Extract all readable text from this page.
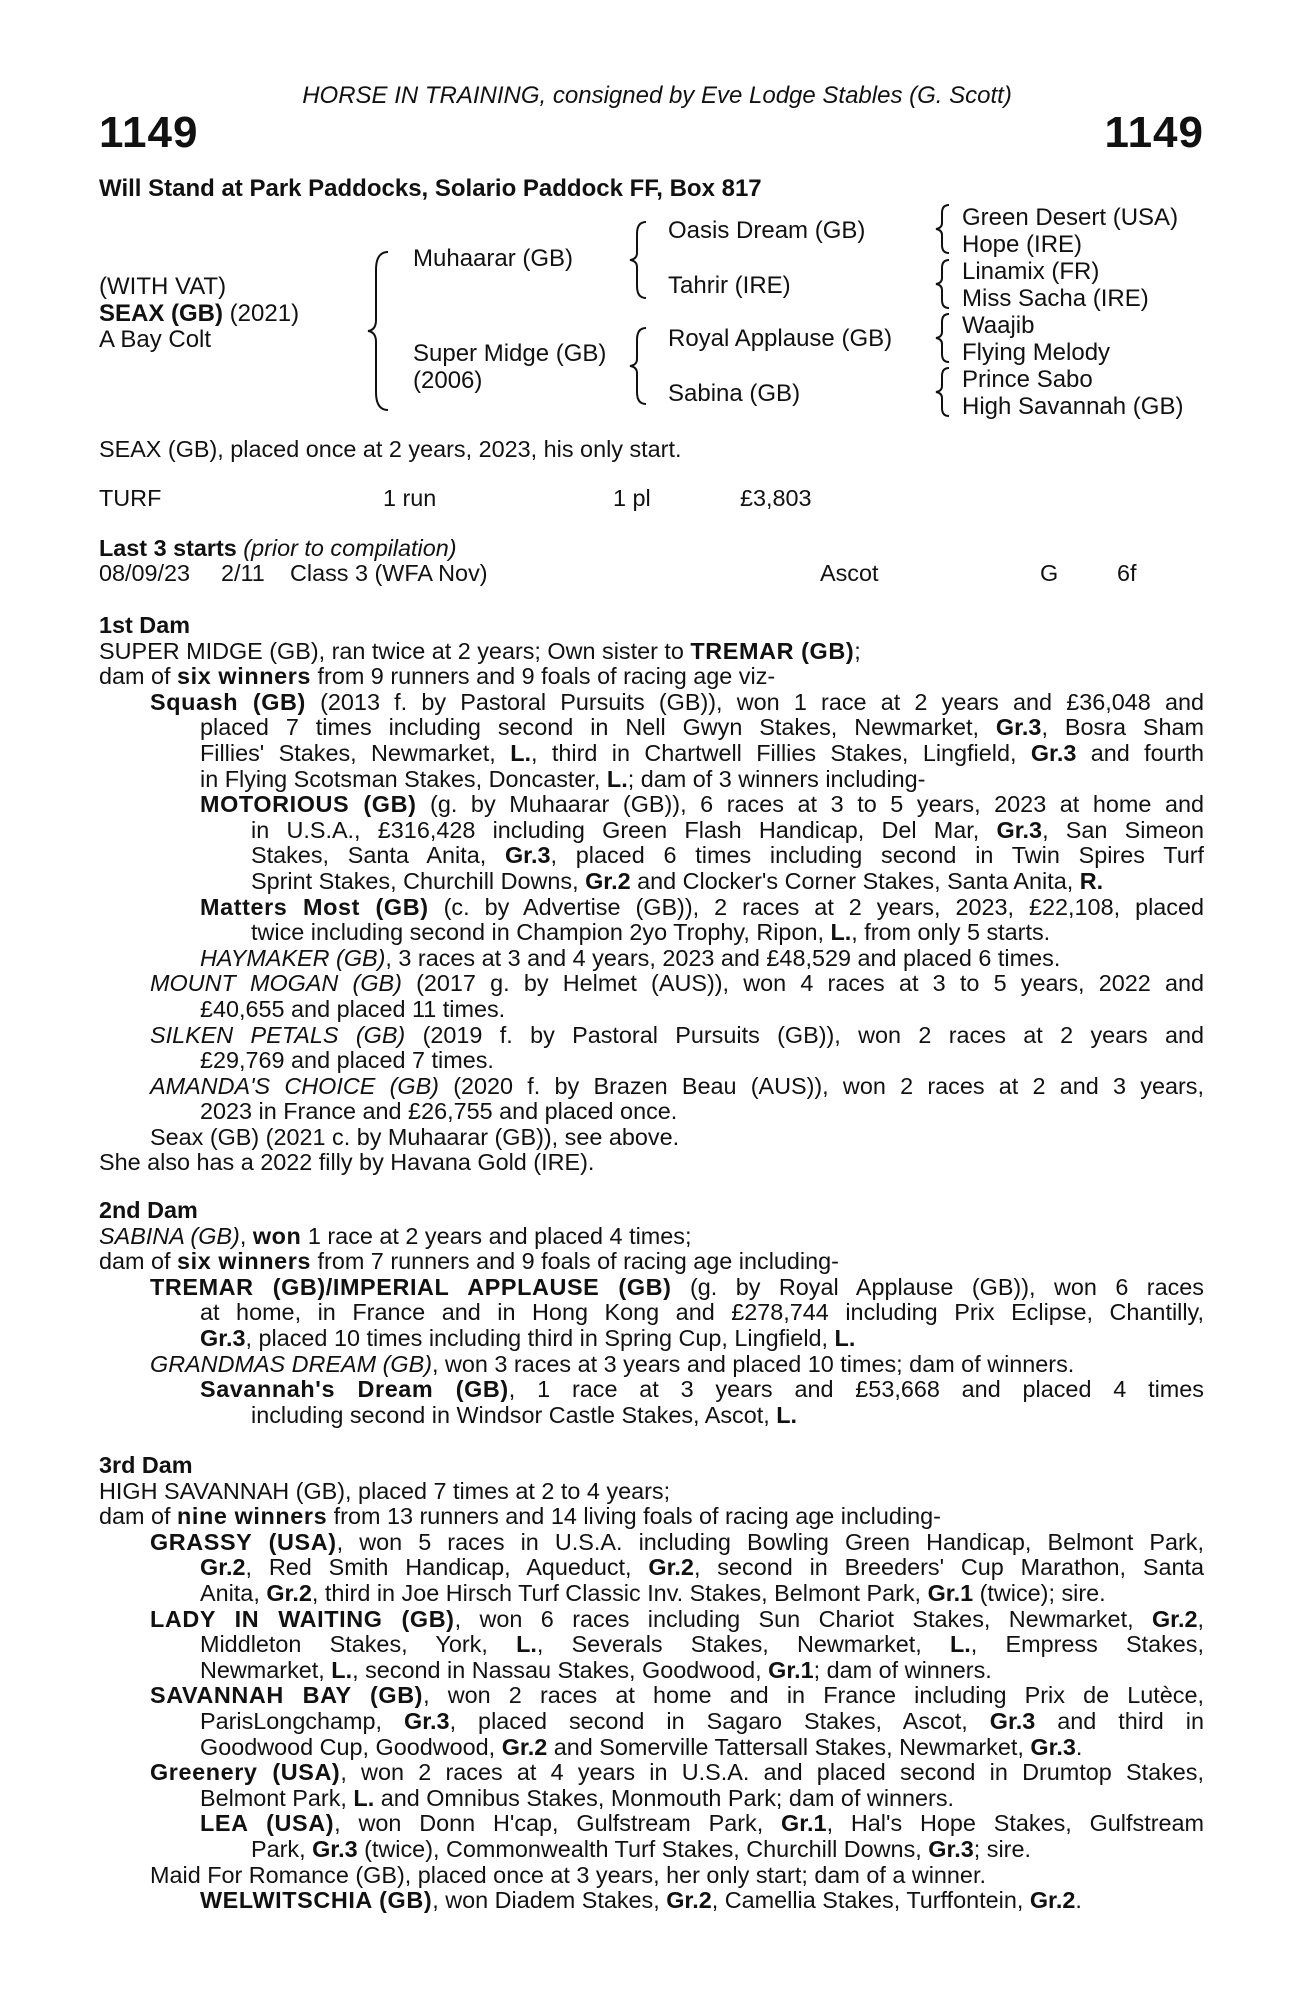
HORSE IN TRAINING, consigned by Eve Lodge Stables (G. Scott)
1149	1149
Will Stand at Park Paddocks, Solario Paddock FF, Box 817
(WITH VAT)
SEAX (GB) (2021)
A Bay Colt
Muhaarar (GB)
Super Midge (GB)
(2006)
Oasis Dream (GB)
Tahrir (IRE)
Royal Applause (GB)
Sabina (GB)
Green Desert (USA)
Hope (IRE)
Linamix (FR)
Miss Sacha (IRE)
Waajib
Flying Melody
Prince Sabo
High Savannah (GB)
SEAX (GB), placed once at 2 years, 2023, his only start.
TURF	1 run	1 pl	£3,803
Last 3 starts (prior to compilation)
08/09/23 2/11 Class 3 (WFA Nov)	Ascot	G	6f
1st Dam
SUPER MIDGE (GB), ran twice at 2 years; Own sister to TREMAR (GB);
dam of six winners from 9 runners and 9 foals of racing age viz-
Squash (GB) (2013 f. by Pastoral Pursuits (GB)), won 1 race at 2 years and £36,048 and
placed 7 times including second in Nell Gwyn Stakes, Newmarket, Gr.3, Bosra Sham
Fillies' Stakes, Newmarket, L., third in Chartwell Fillies Stakes, Lingfield, Gr.3 and fourth
in Flying Scotsman Stakes, Doncaster, L.; dam of 3 winners including-
MOTORIOUS (GB) (g. by Muhaarar (GB)), 6 races at 3 to 5 years, 2023 at home and
in U.S.A., £316,428 including Green Flash Handicap, Del Mar, Gr.3, San Simeon
Stakes, Santa Anita, Gr.3, placed 6 times including second in Twin Spires Turf
Sprint Stakes, Churchill Downs, Gr.2 and Clocker's Corner Stakes, Santa Anita, R.
Matters Most (GB) (c. by Advertise (GB)), 2 races at 2 years, 2023, £22,108, placed
twice including second in Champion 2yo Trophy, Ripon, L., from only 5 starts.
HAYMAKER (GB), 3 races at 3 and 4 years, 2023 and £48,529 and placed 6 times.
MOUNT MOGAN (GB) (2017 g. by Helmet (AUS)), won 4 races at 3 to 5 years, 2022 and
£40,655 and placed 11 times.
SILKEN PETALS (GB) (2019 f. by Pastoral Pursuits (GB)), won 2 races at 2 years and
£29,769 and placed 7 times.
AMANDA'S CHOICE (GB) (2020 f. by Brazen Beau (AUS)), won 2 races at 2 and 3 years,
2023 in France and £26,755 and placed once.
Seax (GB) (2021 c. by Muhaarar (GB)), see above.
She also has a 2022 filly by Havana Gold (IRE).
2nd Dam
SABINA (GB), won 1 race at 2 years and placed 4 times;
dam of six winners from 7 runners and 9 foals of racing age including-
TREMAR (GB)/IMPERIAL APPLAUSE (GB) (g. by Royal Applause (GB)), won 6 races
at home, in France and in Hong Kong and £278,744 including Prix Eclipse, Chantilly,
Gr.3, placed 10 times including third in Spring Cup, Lingfield, L.
GRANDMAS DREAM (GB), won 3 races at 3 years and placed 10 times; dam of winners.
Savannah's Dream (GB), 1 race at 3 years and £53,668 and placed 4 times
including second in Windsor Castle Stakes, Ascot, L.
3rd Dam
HIGH SAVANNAH (GB), placed 7 times at 2 to 4 years;
dam of nine winners from 13 runners and 14 living foals of racing age including-
GRASSY (USA), won 5 races in U.S.A. including Bowling Green Handicap, Belmont Park,
Gr.2, Red Smith Handicap, Aqueduct, Gr.2, second in Breeders' Cup Marathon, Santa
Anita, Gr.2, third in Joe Hirsch Turf Classic Inv. Stakes, Belmont Park, Gr.1 (twice); sire.
LADY IN WAITING (GB), won 6 races including Sun Chariot Stakes, Newmarket, Gr.2,
Middleton Stakes, York, L., Severals Stakes, Newmarket, L., Empress Stakes,
Newmarket, L., second in Nassau Stakes, Goodwood, Gr.1; dam of winners.
SAVANNAH BAY (GB), won 2 races at home and in France including Prix de Lutèce,
ParisLongchamp, Gr.3, placed second in Sagaro Stakes, Ascot, Gr.3 and third in
Goodwood Cup, Goodwood, Gr.2 and Somerville Tattersall Stakes, Newmarket, Gr.3.
Greenery (USA), won 2 races at 4 years in U.S.A. and placed second in Drumtop Stakes,
Belmont Park, L. and Omnibus Stakes, Monmouth Park; dam of winners.
LEA (USA), won Donn H'cap, Gulfstream Park, Gr.1, Hal's Hope Stakes, Gulfstream
Park, Gr.3 (twice), Commonwealth Turf Stakes, Churchill Downs, Gr.3; sire.
Maid For Romance (GB), placed once at 3 years, her only start; dam of a winner.
WELWITSCHIA (GB), won Diadem Stakes, Gr.2, Camellia Stakes, Turffontein, Gr.2.
